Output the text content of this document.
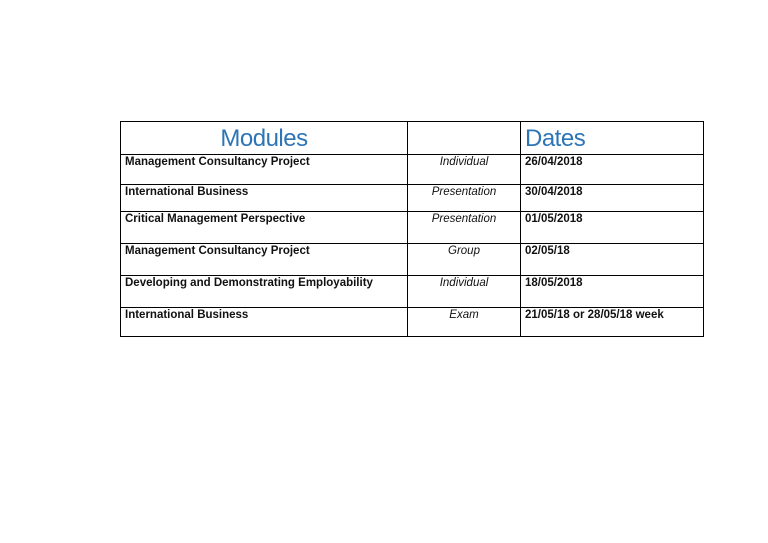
Modules		Dates

Management Consultancy Project	Individual	26/04/2018

International Business	Presentation	30/04/2018

Critical Management Perspective	Presentation	01/05/2018

Management Consultancy Project	Group	02/05/18

Developing and Demonstrating Employability	Individual	18/05/2018

International Business	Exam	21/05/18 or 28/05/18 week
